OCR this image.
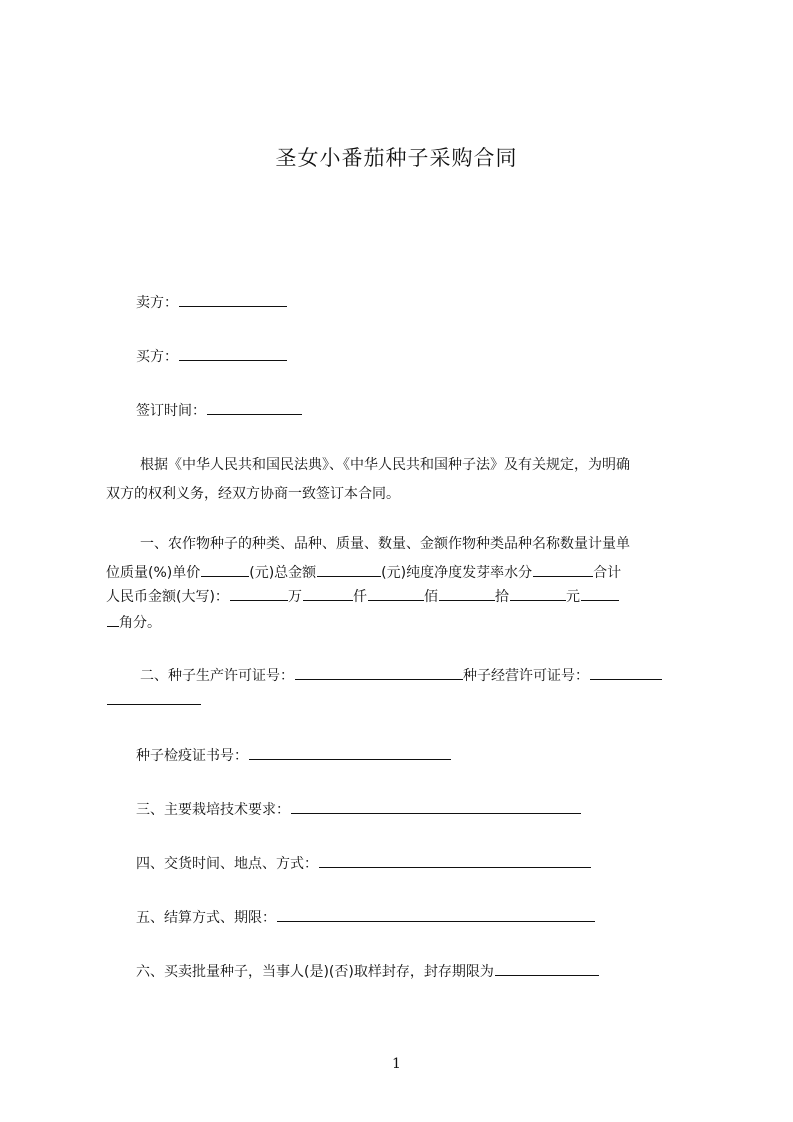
圣女小番茄种子采购合同
卖方：
买方：
签订时间：
根据《中华人民共和国民法典》、《中华人民共和国种子法》及有关规定，为明确
双方的权利义务，经双方协商一致签订本合同。
一、农作物种子的种类、品种、质量、数量、金额作物种类品种名称数量计量单
位质量(%)单价	(元)总金额	(元)纯度净度发芽率水分	合计
人民币金额(大写)：	万	仟	佰	拾	元
角分。
二、种子生产许可证号：	种子经营许可证号：
种子检疫证书号：
三、主要栽培技术要求：
四、交货时间、地点、方式：
五、结算方式、期限：
六、买卖批量种子，当事人(是)(否)取样封存，封存期限为
1
